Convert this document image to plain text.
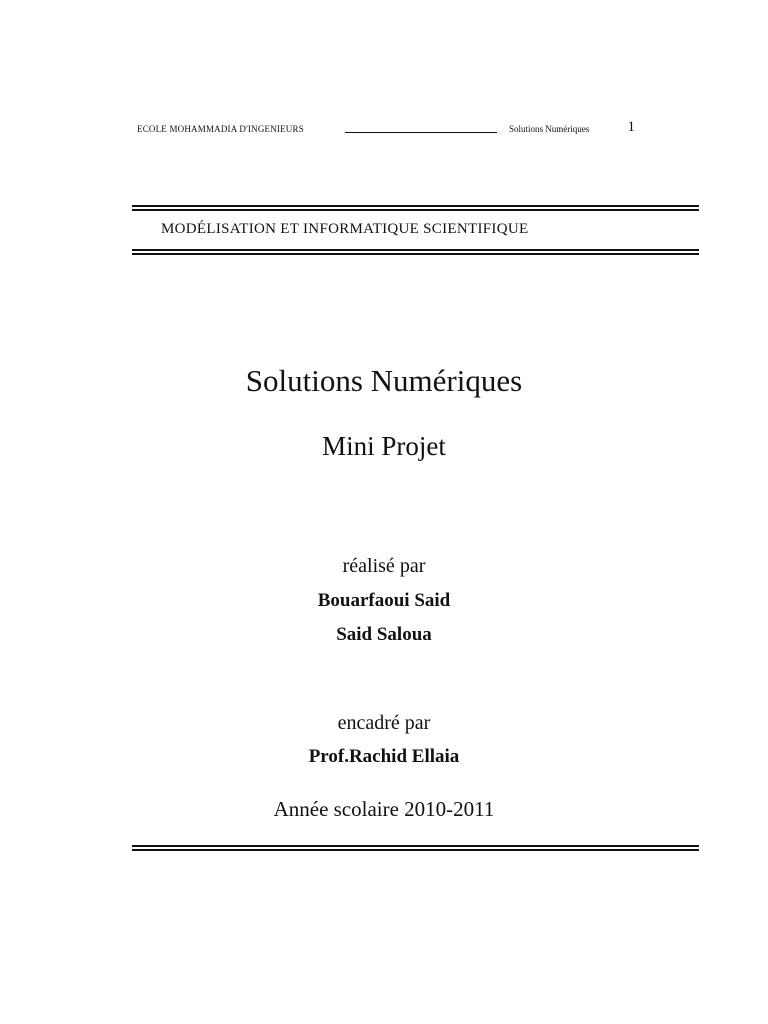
ECOLE MOHAMMADIA D'INGENIEURS	Solutions Numériques	1
MODÉLISATION ET INFORMATIQUE SCIENTIFIQUE
Solutions Numériques
Mini Projet
réalisé par
Bouarfaoui Said
Said Saloua
encadré par
Prof.Rachid Ellaia
Année scolaire 2010-2011
